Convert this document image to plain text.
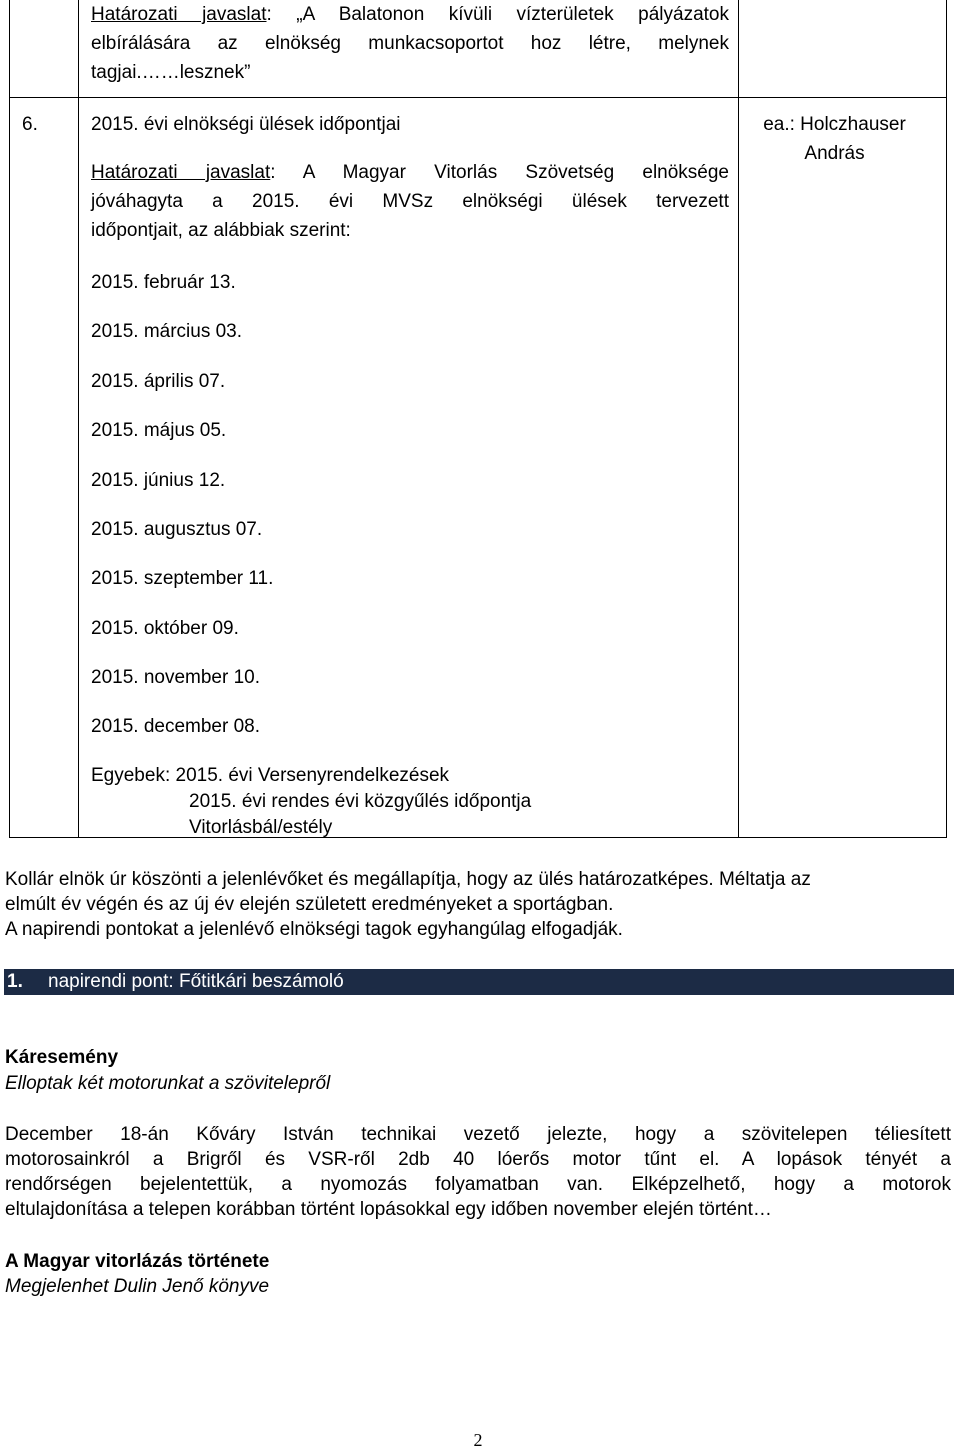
Határozati javaslat: „A Balatonon kívüli vízterületek pályázatok
elbírálására az elnökség munkacsoportot hoz létre, melynek
tagjai.……lesznek”
6.	2015. évi elnökségi ülések időpontjai
Határozati javaslat: A Magyar Vitorlás Szövetség elnöksége
jóváhagyta a 2015. évi MVSz elnökségi ülések tervezett
időpontjait, az alábbiak szerint:
2015. február 13.
2015. március 03.
2015. április 07.
2015. május 05.
2015. június 12.
2015. augusztus 07.
2015. szeptember 11.
2015. október 09.
2015. november 10.
2015. december 08.
Egyebek: 2015. évi Versenyrendelkezések
2015. évi rendes évi közgyűlés időpontja
Vitorlásbál/estély
ea.: Holczhauser
András
Kollár elnök úr köszönti a jelenlévőket és megállapítja, hogy az ülés határozatképes. Méltatja az
elmúlt év végén és az új év elején született eredményeket a sportágban.
A napirendi pontokat a jelenlévő elnökségi tagok egyhangúlag elfogadják.
1. napirendi pont: Főtitkári beszámoló
Káresemény
Elloptak két motorunkat a szövitelepről
December 18-án Kőváry István technikai vezető jelezte, hogy a szövitelepen téliesített
motorosainkról a Brigről és VSR-ről 2db 40 lóerős motor tűnt el. A lopások tényét a
rendőrségen bejelentettük, a nyomozás folyamatban van. Elképzelhető, hogy a motorok
eltulajdonítása a telepen korábban történt lopásokkal egy időben november elején történt…
A Magyar vitorlázás története
Megjelenhet Dulin Jenő könyve
2
